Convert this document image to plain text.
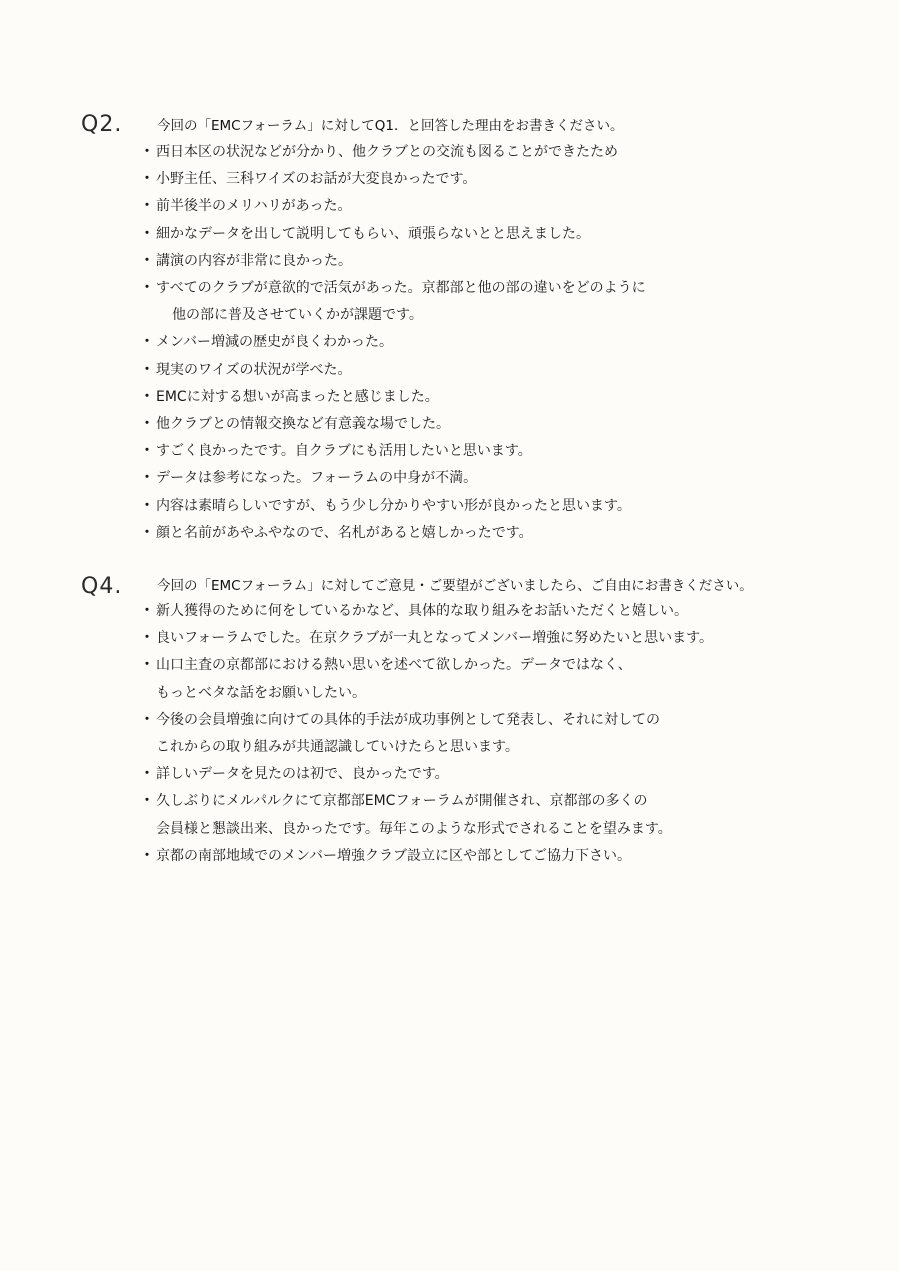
Q2.	今回の「EMCフォーラム」に対してQ1．と回答した理由をお書きください。
・ 西日本区の状況などが分かり、他クラブとの交流も図ることができたため
・ 小野主任、三科ワイズのお話が大変良かったです。
・ 前半後半のメリハリがあった。
・ 細かなデータを出して説明してもらい、頑張らないとと思えました。
・ 講演の内容が非常に良かった。
・ すべてのクラブが意欲的で活気があった。京都部と他の部の違いをどのように
他の部に普及させていくかが課題です。
・ メンバー増減の歴史が良くわかった。
・ 現実のワイズの状況が学べた。
・ EMCに対する想いが高まったと感じました。
・ 他クラブとの情報交換など有意義な場でした。
・ すごく良かったです。自クラブにも活用したいと思います。
・ データは参考になった。フォーラムの中身が不満。
・ 内容は素晴らしいですが、もう少し分かりやすい形が良かったと思います。
・ 顔と名前があやふやなので、名札があると嬉しかったです。
Q4.	今回の「EMCフォーラム」に対してご意見・ご要望がございましたら、ご自由にお書きください。
・ 新人獲得のために何をしているかなど、具体的な取り組みをお話いただくと嬉しい。
・ 良いフォーラムでした。在京クラブが一丸となってメンバー増強に努めたいと思います。
・ 山口主査の京都部における熱い思いを述べて欲しかった。データではなく、
もっとベタな話をお願いしたい。
・ 今後の会員増強に向けての具体的手法が成功事例として発表し、それに対しての
これからの取り組みが共通認識していけたらと思います。
・ 詳しいデータを見たのは初で、良かったです。
・ 久しぶりにメルパルクにて京都部EMCフォーラムが開催され、京都部の多くの
会員様と懇談出来、良かったです。毎年このような形式でされることを望みます。
・ 京都の南部地域でのメンバー増強クラブ設立に区や部としてご協力下さい。
